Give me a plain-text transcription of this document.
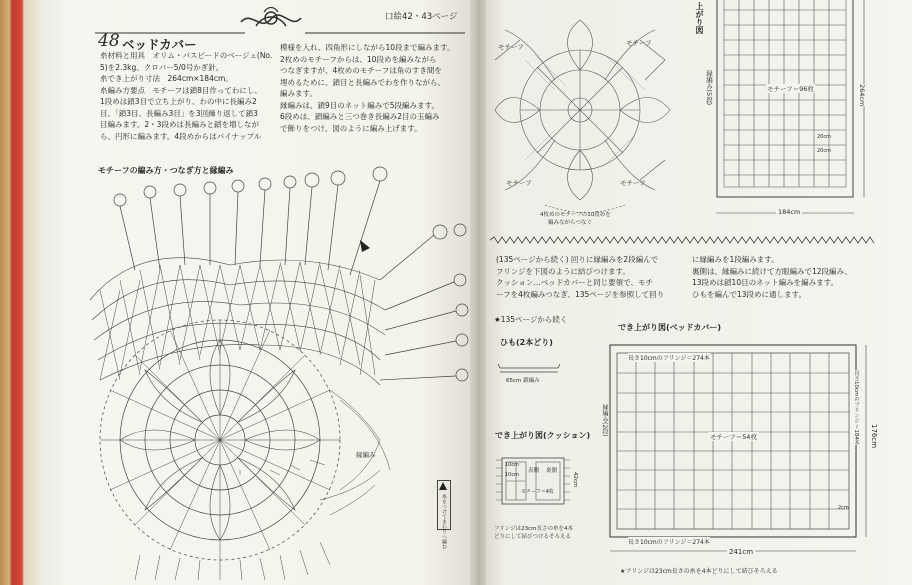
口絵42・43ページ
48 ベッドカバー
糸材料と用具　オリム・パスピードのベージュ(No.
5)を2.3kg、クロバー5/0号かぎ針。
糸でき上がり寸法　264cm×184cm。
糸編み方要点　モチーフは鎖8目作ってわにし、
1段めは鎖3目で立ち上がり、わの中に長編み2
目、「鎖3目、長編み3目」を3回繰り返して鎖3
目編みます。2・3段めは長編みと鎖を増しなが
ら、円形に編みます。4段めからはパイナップル
模様を入れ、四角形にしながら10段まで編みます。
2枚めのモチーフからは、10段めを編みながら
つなぎますが、4枚めのモチーフは角のすき間を
埋めるために、鎖目と長編みでわを作りながら、
編みます。
縁編みは、鎖9目のネット編みで5段編みます。
6段めは、鎖編みと三つ巻き長編み2目の玉編み
で飾りをつけ、図のように編み上げます。
モチーフの編み方・つなぎ方と縁編み
縁編み
糸をつけてまわりへ編む
モチーフ	モチーフ
モチーフ	モチーフ
4枚めのモチーフの10段めを
編みながらつなぐ
上がり図
縁編み(5段)	モチーフ＝96枚
184cm
264cm
20cm
20cm
(135ページから続く) 回りに縁編みを2段編んで
フリンジを下図のように結びつけます。
クッション…ベッドカバーと同じ要領で、モチ
ーフを4枚編みつなぎ、135ページを参照して回り
に縁編みを1段編みます。
裏側は、縁編みに続けて方眼編みで12段編み、
13段めは鎖10目のネット編みを編みます。
ひもを編んで13段めに通します。
★135ページから続く
でき上がり図(ベッドカバー)
ひも(2本どり)
65cm 鎖編み
でき上がり図(クッション)
10cm
10cm
表側 裏側
モチーフ＝4枚
42cm
フリンジは23cm長さの糸を4本
どりにして結びつけるそろえる
長さ10cmのフリンジ＝274本
長さ10cmのフリンジ＝274本
長さ10cmのフリンジ＝184本
モチーフ＝54枚
縁編み(2段)	176cm
241cm
2cm
★フリンジは23cm長さの糸を4本どりにして結びそろえる
